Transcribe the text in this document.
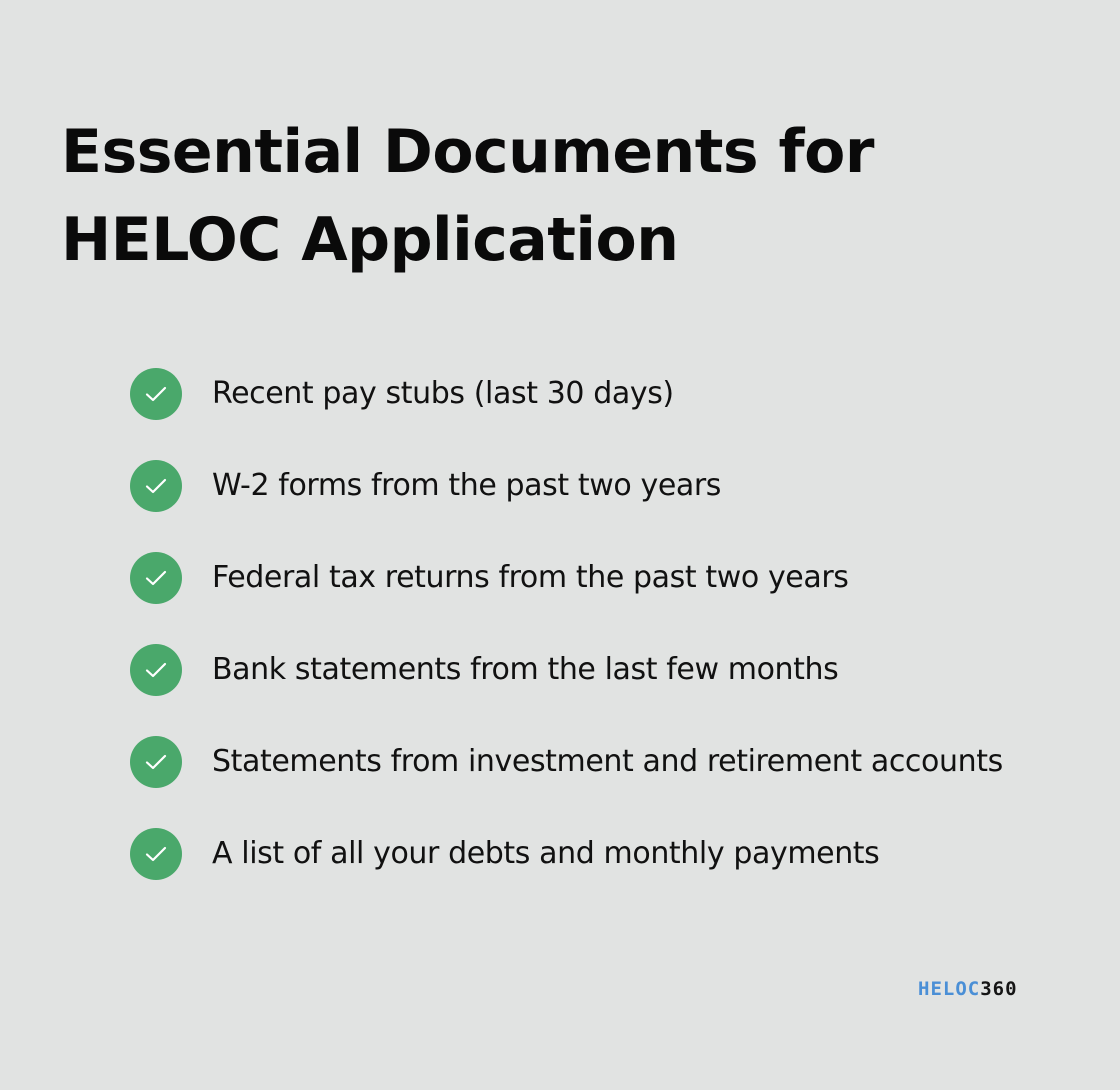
Essential Documents for
HELOC Application
Recent pay stubs (last 30 days)
W-2 forms from the past two years
Federal tax returns from the past two years
Bank statements from the last few months
Statements from investment and retirement accounts
A list of all your debts and monthly payments
HELOC 360
